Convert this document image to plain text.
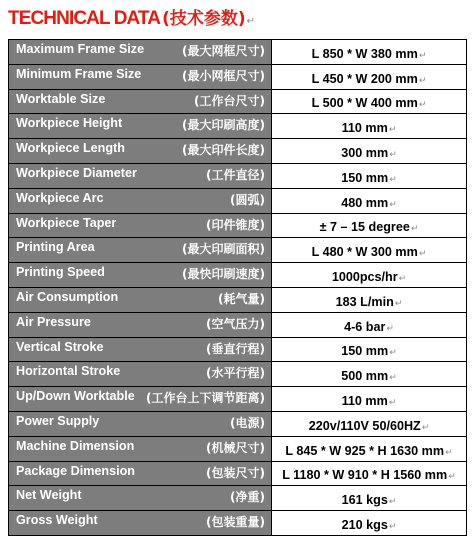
TECHNICAL DATA (技术参数) ↵
Maximum Frame Size (最大网框尺寸)	L 850 * W 380 mm↵

Minimum Frame Size (最小网框尺寸)	L 450 * W 200 mm↵

Worktable Size (工作台尺寸)	L 500 * W 400 mm↵

Workpiece Height (最大印刷高度)	110 mm↵

Workpiece Length (最大印件长度)	300 mm↵

Workpiece Diameter (工件直径)	150 mm↵

Workpiece Arc (圆弧)	480 mm↵

Workpiece Taper (印件锥度)	± 7 – 15 degree↵

Printing Area (最大印刷面积)	L 480 * W 300 mm↵

Printing Speed (最快印刷速度)	1000pcs/hr↵

Air Consumption (耗气量)	183 L/min↵

Air Pressure (空气压力)	4-6 bar↵

Vertical Stroke (垂直行程)	150 mm↵

Horizontal Stroke (水平行程)	500 mm↵

Up/Down Worktable (工作台上下调节距离)	110 mm↵

Power Supply (电源)	220v/110V 50/60HZ↵

Machine Dimension (机械尺寸)	L 845 * W 925 * H 1630 mm↵

Package Dimension (包装尺寸)	L 1180 * W 910 * H 1560 mm↵

Net Weight (净重)	161 kgs↵

Gross Weight (包装重量)	210 kgs↵
